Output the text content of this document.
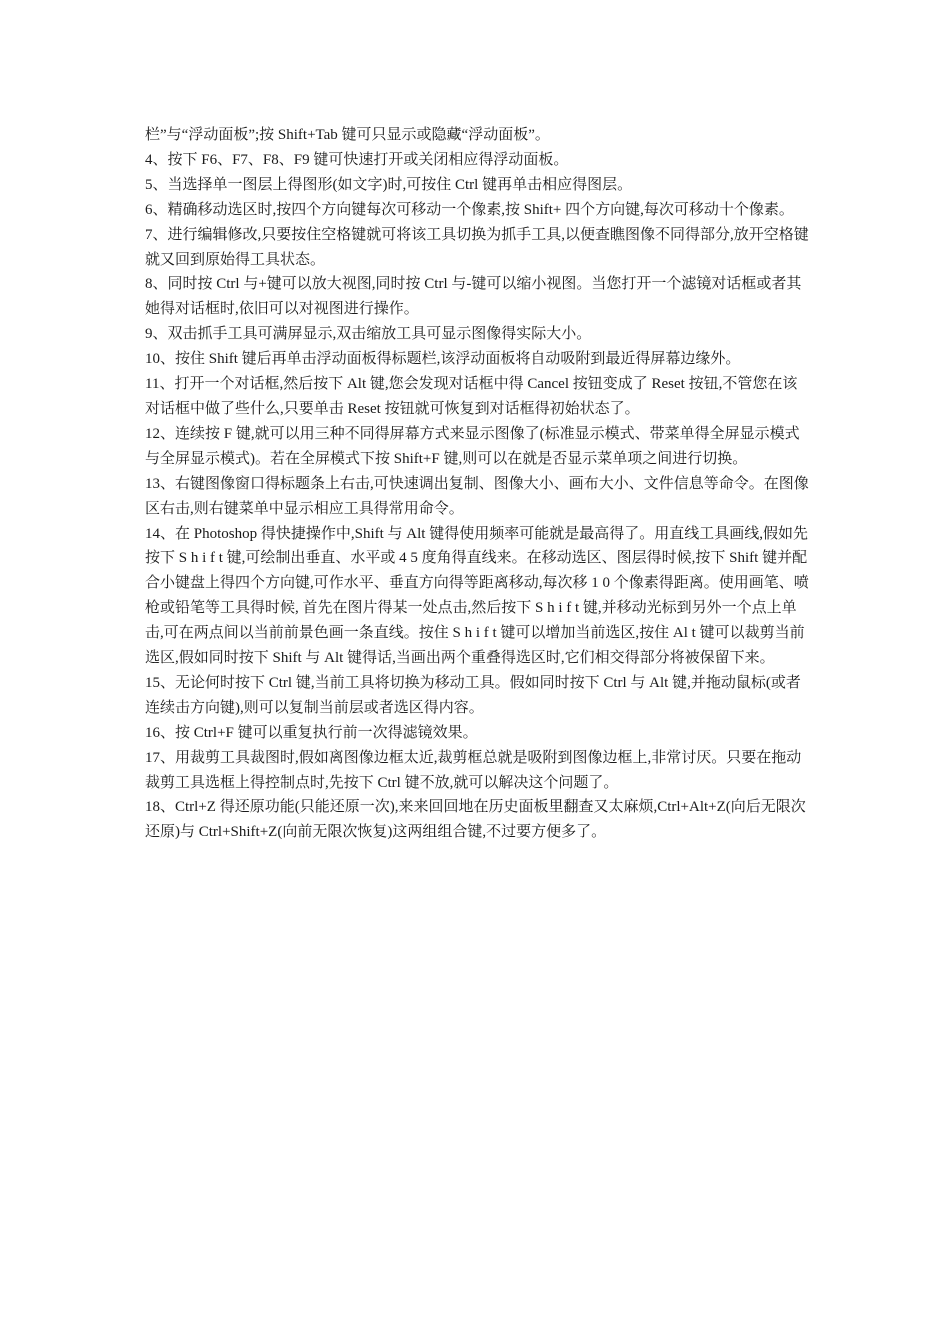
栏”与“浮动面板”;按 Shift+Tab 键可只显示或隐藏“浮动面板”。

4、按下 F6、F7、F8、F9 键可快速打开或关闭相应得浮动面板。

5、当选择单一图层上得图形(如文字)时,可按住 Ctrl 键再单击相应得图层。

6、精确移动选区时,按四个方向键每次可移动一个像素,按 Shift+ 四个方向键,每次可移动十个像素。

7、进行编辑修改,只要按住空格键就可将该工具切换为抓手工具,以便查瞧图像不同得部分,放开空格键就又回到原始得工具状态。

8、同时按 Ctrl 与+键可以放大视图,同时按 Ctrl 与-键可以缩小视图。当您打开一个滤镜对话框或者其她得对话框时,依旧可以对视图进行操作。

9、双击抓手工具可满屏显示,双击缩放工具可显示图像得实际大小。

10、按住 Shift 键后再单击浮动面板得标题栏,该浮动面板将自动吸附到最近得屏幕边缘外。

11、打开一个对话框,然后按下 Alt 键,您会发现对话框中得 Cancel 按钮变成了 Reset 按钮,不管您在该对话框中做了些什么,只要单击 Reset 按钮就可恢复到对话框得初始状态了。

12、连续按 F 键,就可以用三种不同得屏幕方式来显示图像了(标准显示模式、带菜单得全屏显示模式与全屏显示模式)。若在全屏模式下按 Shift+F 键,则可以在就是否显示菜单项之间进行切换。

13、右键图像窗口得标题条上右击,可快速调出复制、图像大小、画布大小、文件信息等命令。在图像区右击,则右键菜单中显示相应工具得常用命令。

14、在 Photoshop 得快捷操作中,Shift 与 Alt 键得使用频率可能就是最高得了。用直线工具画线,假如先按下 S h i f t 键,可绘制出垂直、水平或 4 5 度角得直线来。在移动选区、图层得时候,按下 Shift 键并配合小键盘上得四个方向键,可作水平、垂直方向得等距离移动,每次移 1 0 个像素得距离。使用画笔、喷枪或铅笔等工具得时候, 首先在图片得某一处点击,然后按下 S h i f t 键,并移动光标到另外一个点上单击,可在两点间以当前前景色画一条直线。按住 S h i f t 键可以增加当前选区,按住 Al t 键可以裁剪当前选区,假如同时按下 Shift 与 Alt 键得话,当画出两个重叠得选区时,它们相交得部分将被保留下来。

15、无论何时按下 Ctrl 键,当前工具将切换为移动工具。假如同时按下 Ctrl 与 Alt 键,并拖动鼠标(或者连续击方向键),则可以复制当前层或者选区得内容。

16、按 Ctrl+F 键可以重复执行前一次得滤镜效果。

17、用裁剪工具裁图时,假如离图像边框太近,裁剪框总就是吸附到图像边框上,非常讨厌。只要在拖动裁剪工具选框上得控制点时,先按下 Ctrl 键不放,就可以解决这个问题了。

18、Ctrl+Z 得还原功能(只能还原一次),来来回回地在历史面板里翻查又太麻烦,Ctrl+Alt+Z(向后无限次还原)与 Ctrl+Shift+Z(向前无限次恢复)这两组组合键,不过要方便多了。
